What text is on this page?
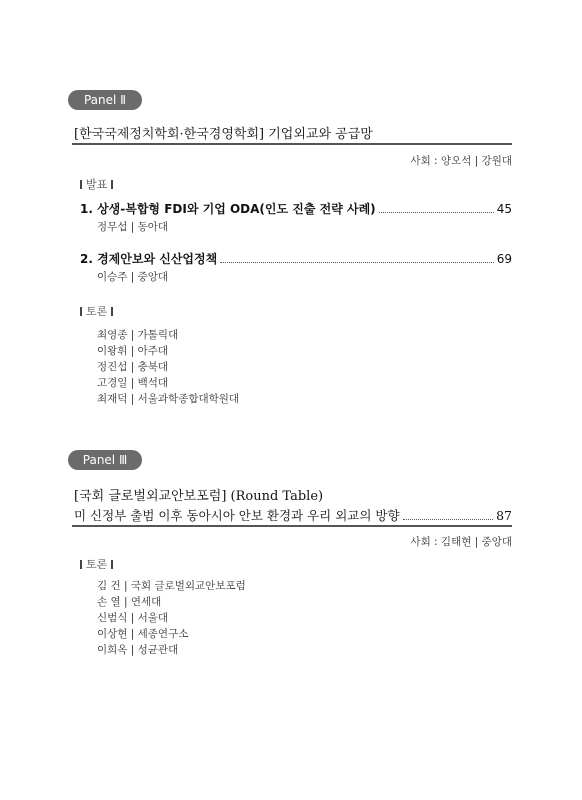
Panel Ⅱ
[한국국제정치학회·한국경영학회] 기업외교와 공급망
사회 : 양오석 | 강원대
발표
1. 상생-복합형 FDI와 기업 ODA(인도 진출 전략 사례)	45
정무섭 | 동아대
2. 경제안보와 신산업정책	69
이승주 | 중앙대
토론
최영종 | 가톨릭대
이왕휘 | 아주대
정진섭 | 충북대
고경일 | 백석대
최재덕 | 서울과학종합대학원대
Panel Ⅲ
[국회 글로벌외교안보포럼] (Round Table)
미 신정부 출범 이후 동아시아 안보 환경과 우리 외교의 방향	87
사회 : 김태현 | 중앙대
토론
김 건 | 국회 글로벌외교안보포럼
손 열 | 연세대
신범식 | 서울대
이상현 | 세종연구소
이희옥 | 성균관대
